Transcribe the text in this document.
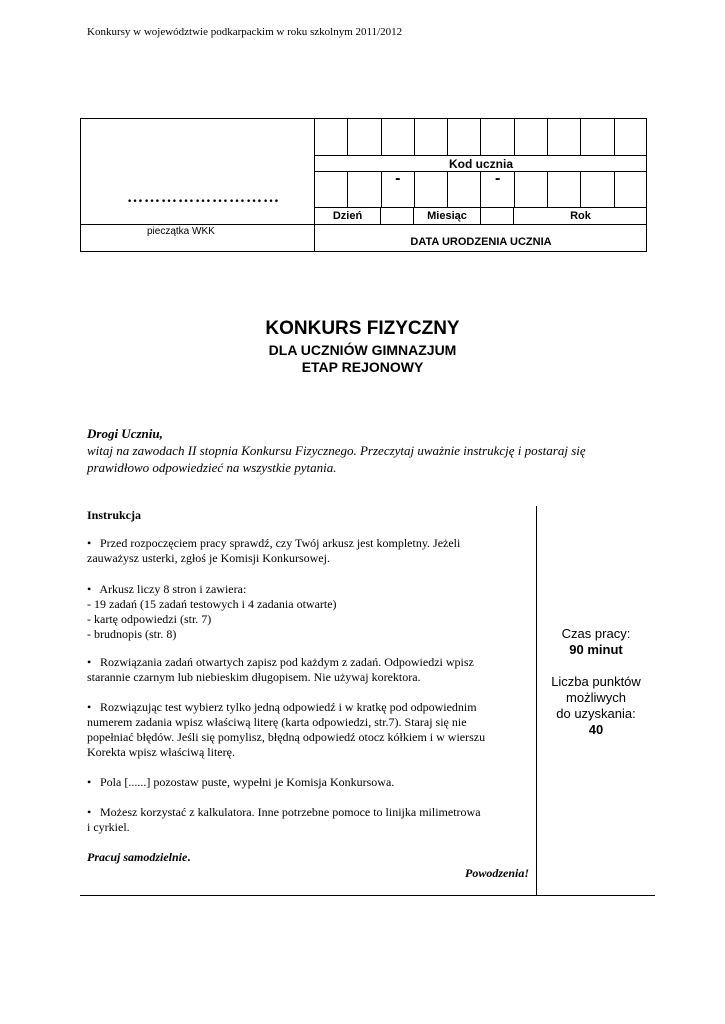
Konkursy w województwie podkarpackim w roku szkolnym 2011/2012
………………………
pieczątka WKK
Kod ucznia
-	-
Dzień	Miesiąc	Rok
DATA URODZENIA UCZNIA
KONKURS FIZYCZNY
DLA UCZNIÓW GIMNAZJUM
ETAP REJONOWY
Drogi Uczniu,
witaj na zawodach II stopnia Konkursu Fizycznego. Przeczytaj uważnie instrukcję i postaraj się
prawidłowo odpowiedzieć na wszystkie pytania.
Instrukcja

• Przed rozpoczęciem pracy sprawdź, czy Twój arkusz jest kompletny. Jeżeli

zauważysz usterki, zgłoś je Komisji Konkursowej.

• Arkusz liczy 8 stron i zawiera:

- 19 zadań (15 zadań testowych i 4 zadania otwarte)

- kartę odpowiedzi (str. 7)

- brudnopis (str. 8)

• Rozwiązania zadań otwartych zapisz pod każdym z zadań. Odpowiedzi wpisz

starannie czarnym lub niebieskim długopisem. Nie używaj korektora.

• Rozwiązując test wybierz tylko jedną odpowiedź i w kratkę pod odpowiednim

numerem zadania wpisz właściwą literę (karta odpowiedzi, str.7). Staraj się nie

popełniać błędów. Jeśli się pomylisz, błędną odpowiedź otocz kółkiem i w wierszu

Korekta wpisz właściwą literę.

• Pola [......] pozostaw puste, wypełni je Komisja Konkursowa.

• Możesz korzystać z kalkulatora. Inne potrzebne pomoce to linijka milimetrowa

i cyrkiel.

Pracuj samodzielnie.

Powodzenia!
Czas pracy:
90 minut
Liczba punktów
możliwych
do uzyskania:
40
